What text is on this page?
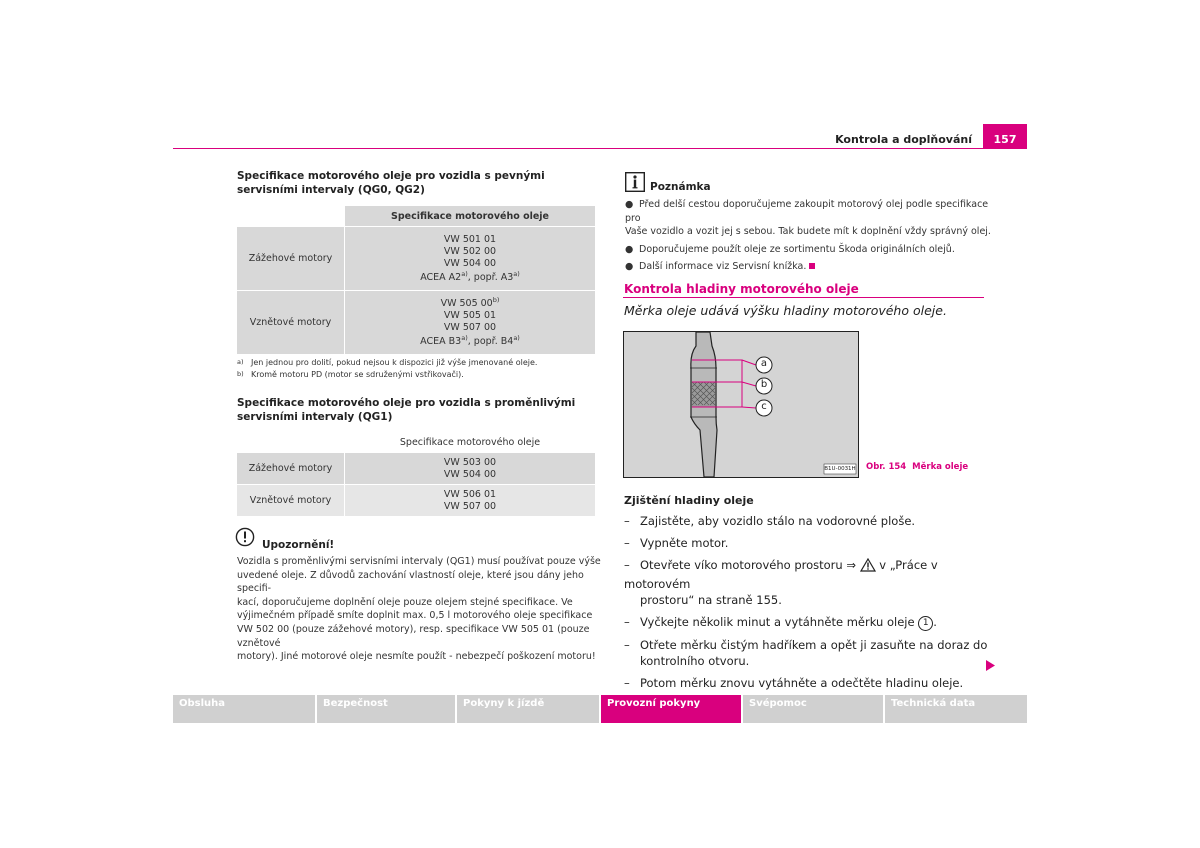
Kontrola a doplňování	157
Specifikace motorového oleje pro vozidla s pevnými servisními intervaly (QG0, QG2)
	Specifikace motorového oleje
Zážehové motory	VW 501 01
VW 502 00
VW 504 00
ACEA A2$^{a)}$, popř. A3$^{a)}$

Vznětové motory	VW 505 00$^{b)}$
VW 505 01
VW 507 00
ACEA B3$^{a)}$, popř. B4$^{a)}$
a) Jen jednou pro dolití, pokud nejsou k dispozici již výše jmenované oleje.
b) Kromě motoru PD (motor se sdruženými vstřikovači).
Specifikace motorového oleje pro vozidla s proměnlivými servisními intervaly (QG1)
	Specifikace motorového oleje
Zážehové motory	VW 503 00
VW 504 00

Vznětové motory	VW 506 01
VW 507 00
Upozornění!
Vozidla s proměnlivými servisními intervaly (QG1) musí používat pouze výše
uvedené oleje. Z důvodů zachování vlastností oleje, které jsou dány jeho specifi-
kací, doporučujeme doplnění oleje pouze olejem stejné specifikace. Ve
výjimečném případě smíte doplnit max. 0,5 l motorového oleje specifikace
VW 502 00 (pouze zážehové motory), resp. specifikace VW 505 01 (pouze vznětové
motory). Jiné motorové oleje nesmíte použít - nebezpečí poškození motoru!
Poznámka
● Před delší cestou doporučujeme zakoupit motorový olej podle specifikace pro
Vaše vozidlo a vozit jej s sebou. Tak budete mít k doplnění vždy správný olej.
● Doporučujeme použít oleje ze sortimentu Škoda originálních olejů.
● Další informace viz Servisní knížka.
Kontrola hladiny motorového oleje
Měrka oleje udává výšku hladiny motorového oleje.
a
b
c
B1U-0031H Obr. 154 Měrka oleje
Zjištění hladiny oleje
– Zajistěte, aby vozidlo stálo na vodorovné ploše.
– Vypněte motor.
– Otevřete víko motorového prostoru ⇒ v „Práce v motorovém
prostoru“ na straně 155.
– Vyčkejte několik minut a vytáhněte měrku oleje 1 .
– Otřete měrku čistým hadříkem a opět ji zasuňte na doraz do
kontrolního otvoru.
– Potom měrku znovu vytáhněte a odečtěte hladinu oleje.
Obsluha	Bezpečnost	Pokyny k jízdě	Provozní pokyny	Svépomoc	Technická data
